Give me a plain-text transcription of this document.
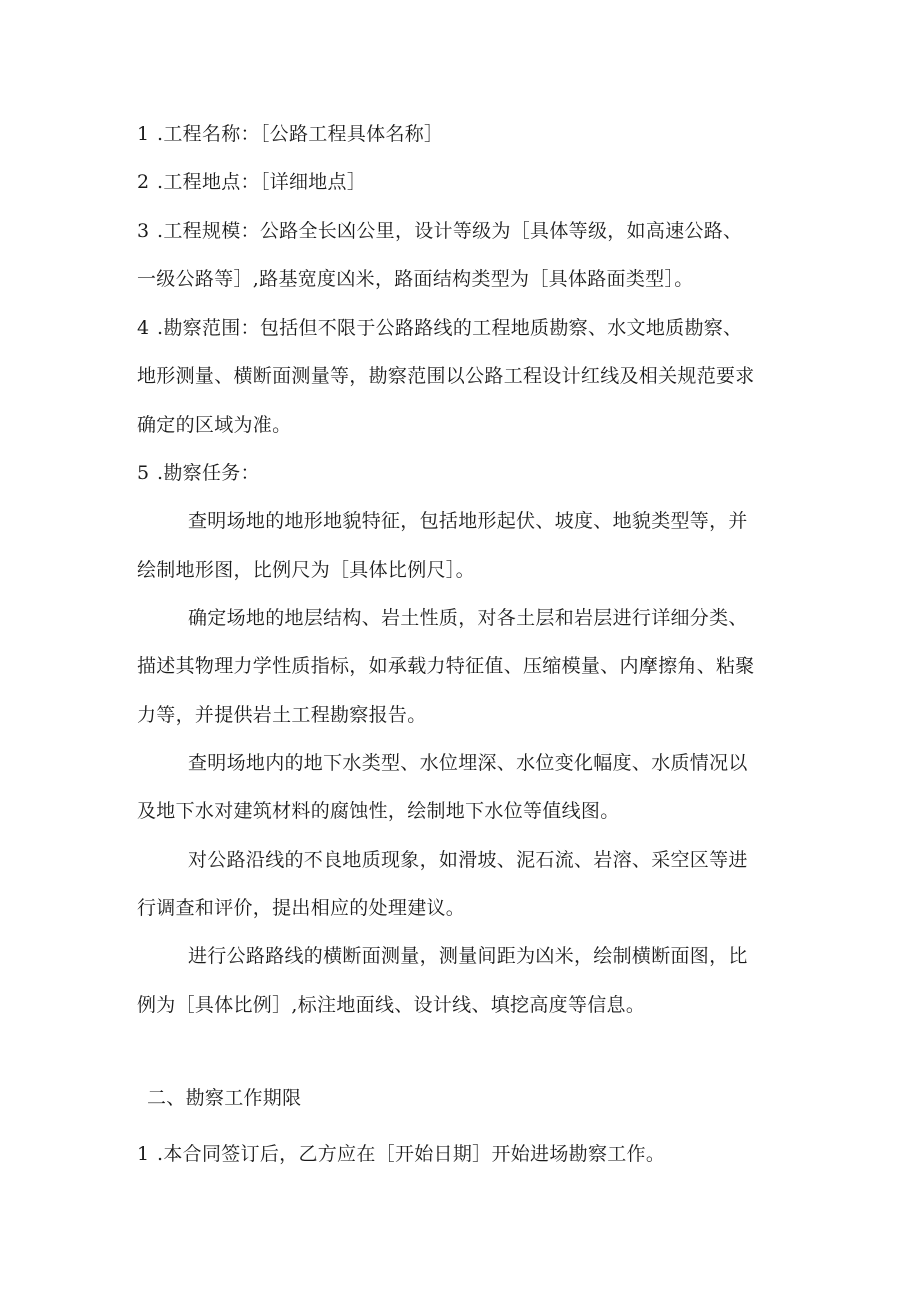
1 .工程名称：［公路工程具体名称］
2 .工程地点：［详细地点］
3 .工程规模：公路全长凶公里，设计等级为［具体等级，如高速公路、
一级公路等］,路基宽度凶米，路面结构类型为［具体路面类型］。
4 .勘察范围：包括但不限于公路路线的工程地质勘察、水文地质勘察、
地形测量、横断面测量等，勘察范围以公路工程设计红线及相关规范要求
确定的区域为准。
5 .勘察任务：
查明场地的地形地貌特征，包括地形起伏、坡度、地貌类型等，并
绘制地形图，比例尺为［具体比例尺］。
确定场地的地层结构、岩土性质，对各土层和岩层进行详细分类、
描述其物理力学性质指标，如承载力特征值、压缩模量、内摩擦角、粘聚
力等，并提供岩土工程勘察报告。
查明场地内的地下水类型、水位埋深、水位变化幅度、水质情况以
及地下水对建筑材料的腐蚀性，绘制地下水位等值线图。
对公路沿线的不良地质现象，如滑坡、泥石流、岩溶、采空区等进
行调查和评价，提出相应的处理建议。
进行公路路线的横断面测量，测量间距为凶米，绘制横断面图，比
例为［具体比例］,标注地面线、设计线、填挖高度等信息。
二、勘察工作期限
1 .本合同签订后，乙方应在［开始日期］开始进场勘察工作。
